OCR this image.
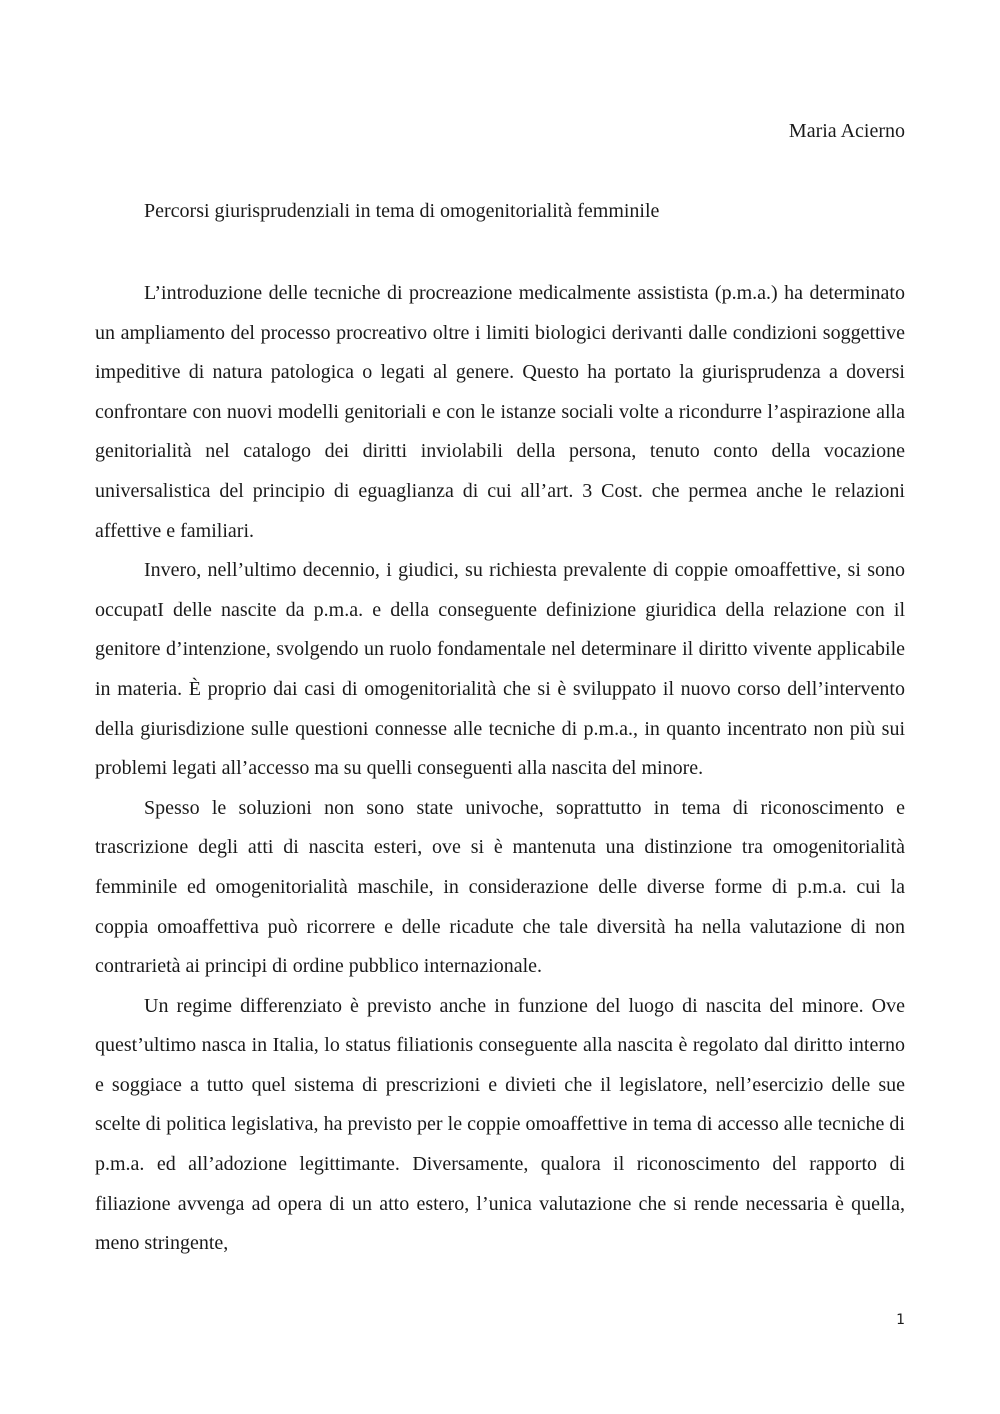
Maria Acierno

Percorsi giurisprudenziali in tema di omogenitorialità femminile

L’introduzione delle tecniche di procreazione medicalmente assistista (p.m.a.) ha determinato un ampliamento del processo procreativo oltre i limiti biologici derivanti dalle condizioni soggettive impeditive di natura patologica o legati al genere. Questo ha portato la giurisprudenza a doversi confrontare con nuovi modelli genitoriali e con le istanze sociali volte a ricondurre l’aspirazione alla genitorialità nel catalogo dei diritti inviolabili della persona, tenuto conto della vocazione universalistica del principio di eguaglianza di cui all’art. 3 Cost. che permea anche le relazioni affettive e familiari.

Invero, nell’ultimo decennio, i giudici, su richiesta prevalente di coppie omoaffettive, si sono occupatI delle nascite da p.m.a. e della conseguente definizione giuridica della relazione con il genitore d’intenzione, svolgendo un ruolo fondamentale nel determinare il diritto vivente applicabile in materia. È proprio dai casi di omogenitorialità che si è sviluppato il nuovo corso dell’intervento della giurisdizione sulle questioni connesse alle tecniche di p.m.a., in quanto incentrato non più sui problemi legati all’accesso ma su quelli conseguenti alla nascita del minore.

Spesso le soluzioni non sono state univoche, soprattutto in tema di riconoscimento e trascrizione degli atti di nascita esteri, ove si è mantenuta una distinzione tra omogenitorialità femminile ed omogenitorialità maschile, in considerazione delle diverse forme di p.m.a. cui la coppia omoaffettiva può ricorrere e delle ricadute che tale diversità ha nella valutazione di non contrarietà ai principi di ordine pubblico internazionale.

Un regime differenziato è previsto anche in funzione del luogo di nascita del minore. Ove quest’ultimo nasca in Italia, lo status filiationis conseguente alla nascita è regolato dal diritto interno e soggiace a tutto quel sistema di prescrizioni e divieti che il legislatore, nell’esercizio delle sue scelte di politica legislativa, ha previsto per le coppie omoaffettive in tema di accesso alle tecniche di p.m.a. ed all’adozione legittimante. Diversamente, qualora il riconoscimento del rapporto di filiazione avvenga ad opera di un atto estero, l’unica valutazione che si rende necessaria è quella, meno stringente,

1
